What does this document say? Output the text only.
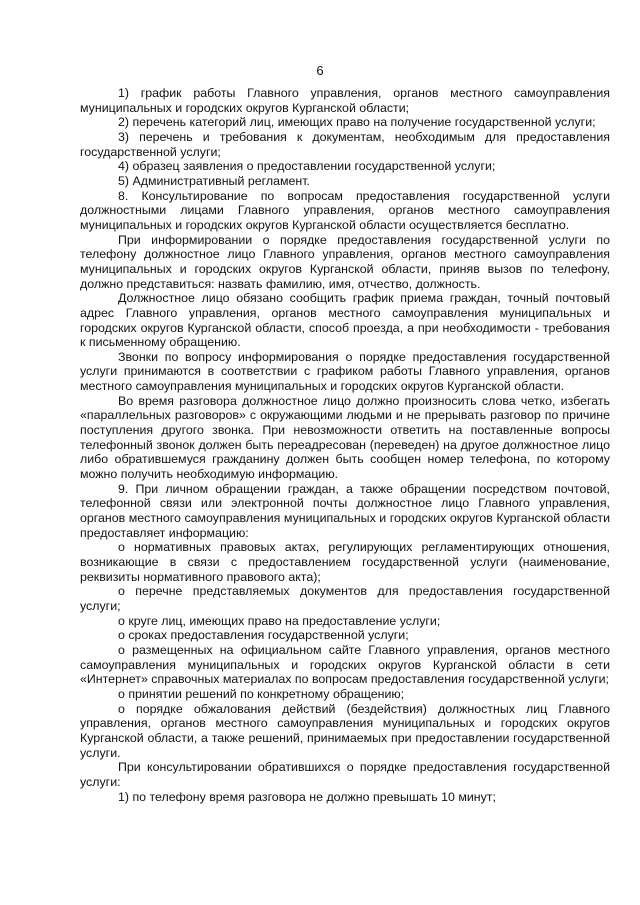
6

1) график работы Главного управления, органов местного самоуправления муниципальных и городских округов Курганской области;

2) перечень категорий лиц, имеющих право на получение государственной услуги;

3) перечень и требования к документам, необходимым для предоставления государственной услуги;

4) образец заявления о предоставлении государственной услуги;

5) Административный регламент.

8. Консультирование по вопросам предоставления государственной услуги должностными лицами Главного управления, органов местного самоуправления муниципальных и городских округов Курганской области осуществляется бесплатно.

При информировании о порядке предоставления государственной услуги по телефону должностное лицо Главного управления, органов местного самоуправления муниципальных и городских округов Курганской области, приняв вызов по телефону, должно представиться: назвать фамилию, имя, отчество, должность.

Должностное лицо обязано сообщить график приема граждан, точный почтовый адрес Главного управления, органов местного самоуправления муниципальных и городских округов Курганской области, способ проезда, а при необходимости - требования к письменному обращению.

Звонки по вопросу информирования о порядке предоставления государственной услуги принимаются в соответствии с графиком работы Главного управления, органов местного самоуправления муниципальных и городских округов Курганской области.

Во время разговора должностное лицо должно произносить слова четко, избегать «параллельных разговоров» с окружающими людьми и не прерывать разговор по причине поступления другого звонка. При невозможности ответить на поставленные вопросы телефонный звонок должен быть переадресован (переведен) на другое должностное лицо либо обратившемуся гражданину должен быть сообщен номер телефона, по которому можно получить необходимую информацию.

9. При личном обращении граждан, а также обращении посредством почтовой, телефонной связи или электронной почты должностное лицо Главного управления, органов местного самоуправления муниципальных и городских округов Курганской области предоставляет информацию:

о нормативных правовых актах, регулирующих регламентирующих отношения, возникающие в связи с предоставлением государственной услуги (наименование, реквизиты нормативного правового акта);

о перечне представляемых документов для предоставления государственной услуги;

о круге лиц, имеющих право на предоставление услуги;

о сроках предоставления государственной услуги;

о размещенных на официальном сайте Главного управления, органов местного самоуправления муниципальных и городских округов Курганской области в сети «Интернет» справочных материалах по вопросам предоставления государственной услуги;

о принятии решений по конкретному обращению;

о порядке обжалования действий (бездействия) должностных лиц Главного управления, органов местного самоуправления муниципальных и городских округов Курганской области, а также решений, принимаемых при предоставлении государственной услуги.

При консультировании обратившихся о порядке предоставления государственной услуги:

1) по телефону время разговора не должно превышать 10 минут;
